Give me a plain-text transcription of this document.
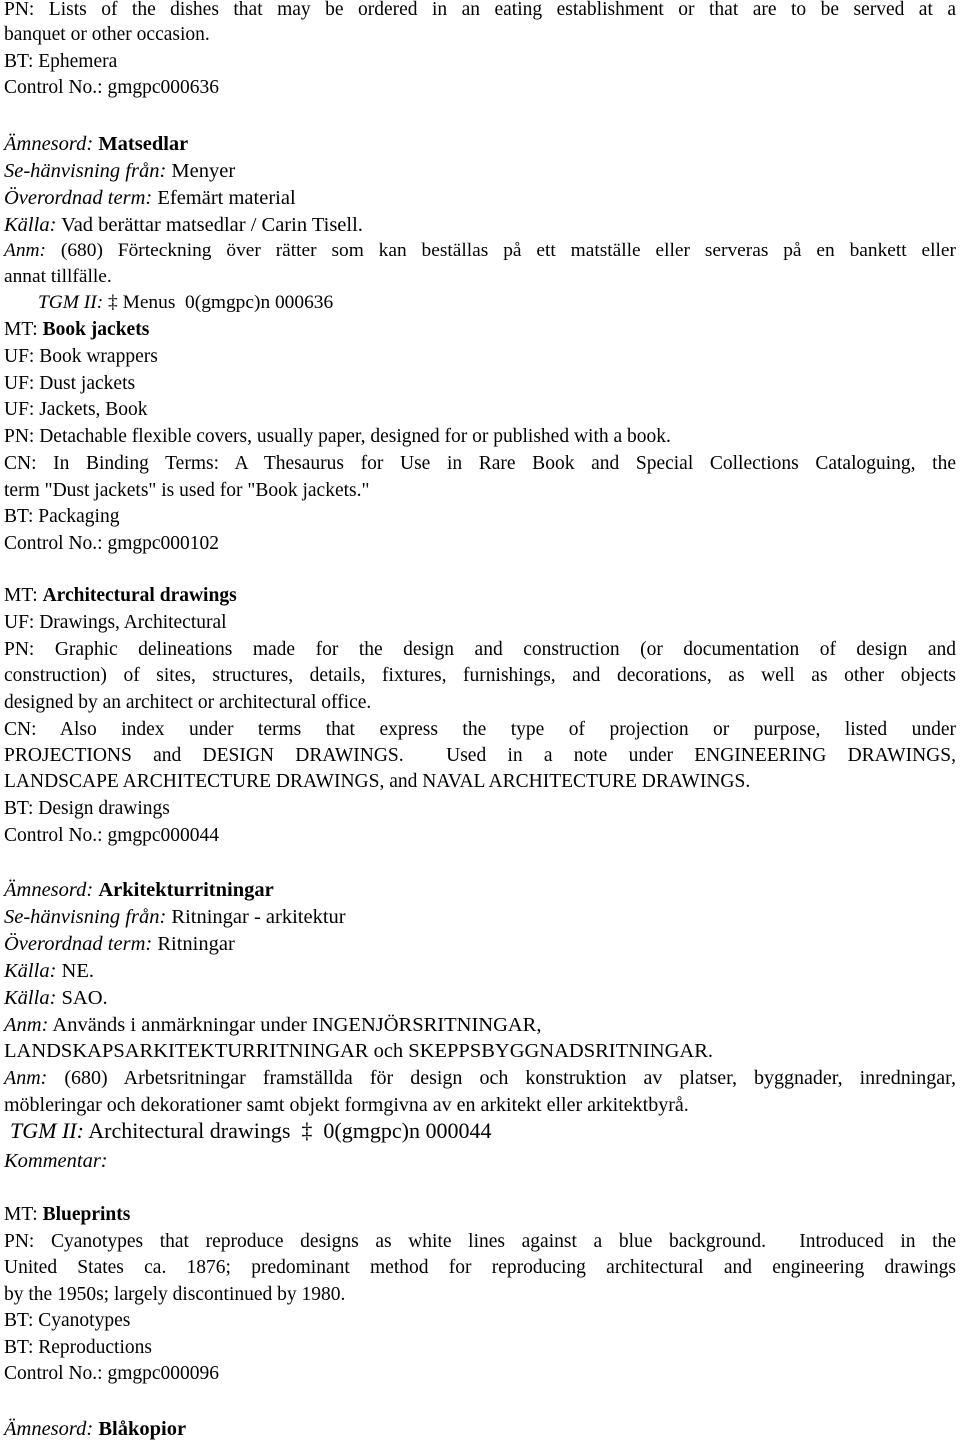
PN: Lists of the dishes that may be ordered in an eating establishment or that are to be served at a

banquet or other occasion.

BT: Ephemera

Control No.: gmgpc000636

Ämnesord: Matsedlar

Se-hänvisning från: Menyer

Överordnad term: Efemärt material

Källa: Vad berättar matsedlar / Carin Tisell.

Anm: (680) Förteckning över rätter som kan beställas på ett matställe eller serveras på en bankett eller

annat tillfälle.

TGM II: ‡ Menus  0(gmgpc)n 000636

MT: Book jackets

UF: Book wrappers

UF: Dust jackets

UF: Jackets, Book

PN: Detachable flexible covers, usually paper, designed for or published with a book.

CN: In Binding Terms: A Thesaurus for Use in Rare Book and Special Collections Cataloguing, the

term "Dust jackets" is used for "Book jackets."

BT: Packaging

Control No.: gmgpc000102

MT: Architectural drawings

UF: Drawings, Architectural

PN: Graphic delineations made for the design and construction (or documentation of design and

construction) of sites, structures, details, fixtures, furnishings, and decorations, as well as other objects

designed by an architect or architectural office.

CN: Also index under terms that express the type of projection or purpose, listed under

PROJECTIONS and DESIGN DRAWINGS.  Used in a note under ENGINEERING DRAWINGS,

LANDSCAPE ARCHITECTURE DRAWINGS, and NAVAL ARCHITECTURE DRAWINGS.

BT: Design drawings

Control No.: gmgpc000044

Ämnesord: Arkitekturritningar

Se-hänvisning från: Ritningar - arkitektur

Överordnad term: Ritningar

Källa: NE.

Källa: SAO.

Anm: Används i anmärkningar under INGENJÖRSRITNINGAR,

LANDSKAPSARKITEKTURRITNINGAR och SKEPPSBYGGNADSRITNINGAR.

Anm: (680) Arbetsritningar framställda för design och konstruktion av platser, byggnader, inredningar,

möbleringar och dekorationer samt objekt formgivna av en arkitekt eller arkitektbyrå.

TGM II: Architectural drawings  ‡  0(gmgpc)n 000044

Kommentar:

MT: Blueprints

PN: Cyanotypes that reproduce designs as white lines against a blue background.  Introduced in the

United States ca. 1876; predominant method for reproducing architectural and engineering drawings

by the 1950s; largely discontinued by 1980.

BT: Cyanotypes

BT: Reproductions

Control No.: gmgpc000096

Ämnesord: Blåkopior
